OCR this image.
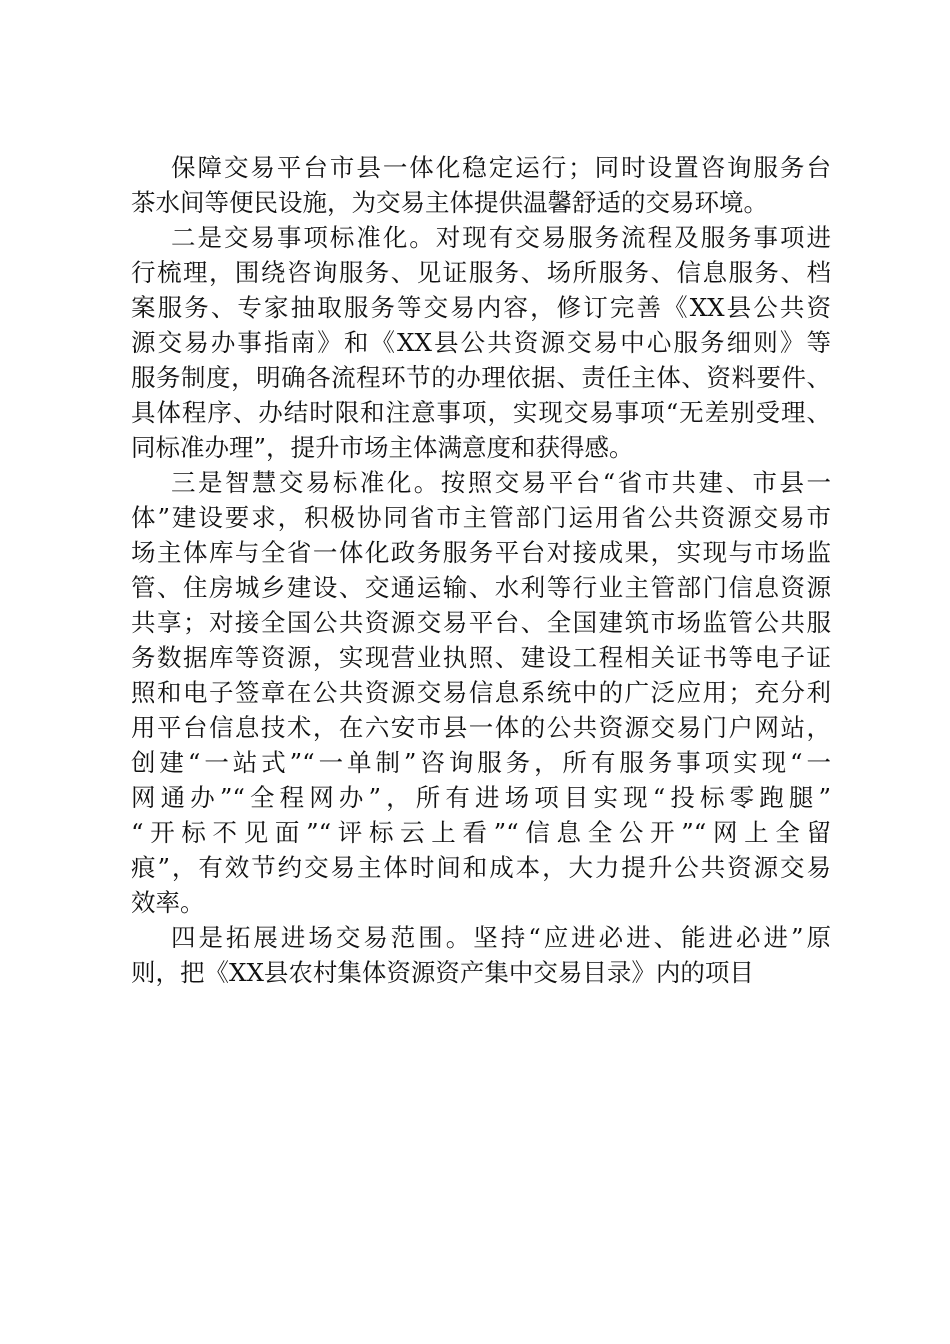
保障交易平台市县一体化稳定运行；同时设置咨询服务台
茶水间等便民设施，为交易主体提供温馨舒适的交易环境。
二是交易事项标准化。对现有交易服务流程及服务事项进
行梳理，围绕咨询服务、见证服务、场所服务、信息服务、档
案服务、专家抽取服务等交易内容，修订完善《XX县公共资
源交易办事指南》和《XX县公共资源交易中心服务细则》等
服务制度，明确各流程环节的办理依据、责任主体、资料要件、
具体程序、办结时限和注意事项，实现交易事项“无差别受理、
同标准办理”，提升市场主体满意度和获得感。
三是智慧交易标准化。按照交易平台“省市共建、市县一
体”建设要求，积极协同省市主管部门运用省公共资源交易市
场主体库与全省一体化政务服务平台对接成果，实现与市场监
管、住房城乡建设、交通运输、水利等行业主管部门信息资源
共享；对接全国公共资源交易平台、全国建筑市场监管公共服
务数据库等资源，实现营业执照、建设工程相关证书等电子证
照和电子签章在公共资源交易信息系统中的广泛应用；充分利
用平台信息技术，在六安市县一体的公共资源交易门户网站，
创建“一站式”“一单制”咨询服务，所有服务事项实现“一
网通办”“全程网办”，所有进场项目实现“投标零跑腿”
“开标不见面”“评标云上看”“信息全公开”“网上全留
痕”，有效节约交易主体时间和成本，大力提升公共资源交易
效率。
四是拓展进场交易范围。坚持“应进必进、能进必进”原
则，把《XX县农村集体资源资产集中交易目录》内的项目
